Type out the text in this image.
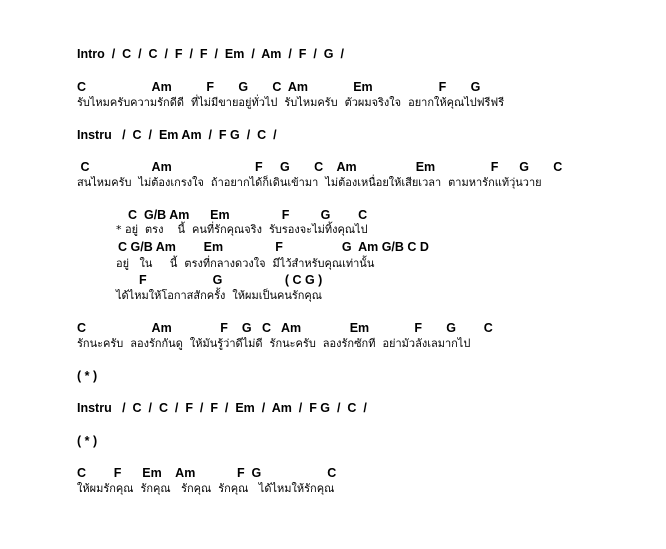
Intro  /  C  /  C  /  F  /  F  /  Em  /  Am  /  F  /  G  /
C                   Am          F       G       C  Am             Em                   F       G
รับไหมครับความรักดีดี  ที่ไม่มีขายอยู่ทั่วไป  รับไหมครับ  ตัวผมจริงใจ  อยากให้คุณไปฟรีฟรี
Instru   /  C  /  Em Am  /  F G  /  C  /
C                  Am                        F     G       C    Am                 Em                F      G       C
สนไหมครับ  ไม่ต้องเกรงใจ  ถ้าอยากได้ก็เดินเข้ามา  ไม่ต้องเหนื่อยให้เสียเวลา  ตามหารักแท้วุ่นวาย
C  G/B Am      Em               F         G        C
* อยู่  ตรง    นี้  คนที่รักคุณจริง  รับรองจะไม่ทิ้งคุณไป
C G/B Am        Em               F                 G  Am G/B C D
อยู่   ใน     นี้  ตรงที่กลางดวงใจ  มีไว้สำหรับคุณเท่านั้น
F                   G                  ( C G )
ได้ไหมให้โอกาสสักครั้ง  ให้ผมเป็นคนรักคุณ
C                   Am              F    G   C   Am              Em             F       G        C
รักนะครับ  ลองรักกันดู  ให้มันรู้ว่าดีไม่ดี  รักนะครับ  ลองรักซักที  อย่ามัวลังเลมากไป
( * )
Instru   /  C  /  C  /  F  /  F  /  Em  /  Am  /  F G  /  C  /
( * )
C        F      Em    Am            F  G                   C
ให้ผมรักคุณ  รักคุณ   รักคุณ  รักคุณ   ได้ไหมให้รักคุณ
